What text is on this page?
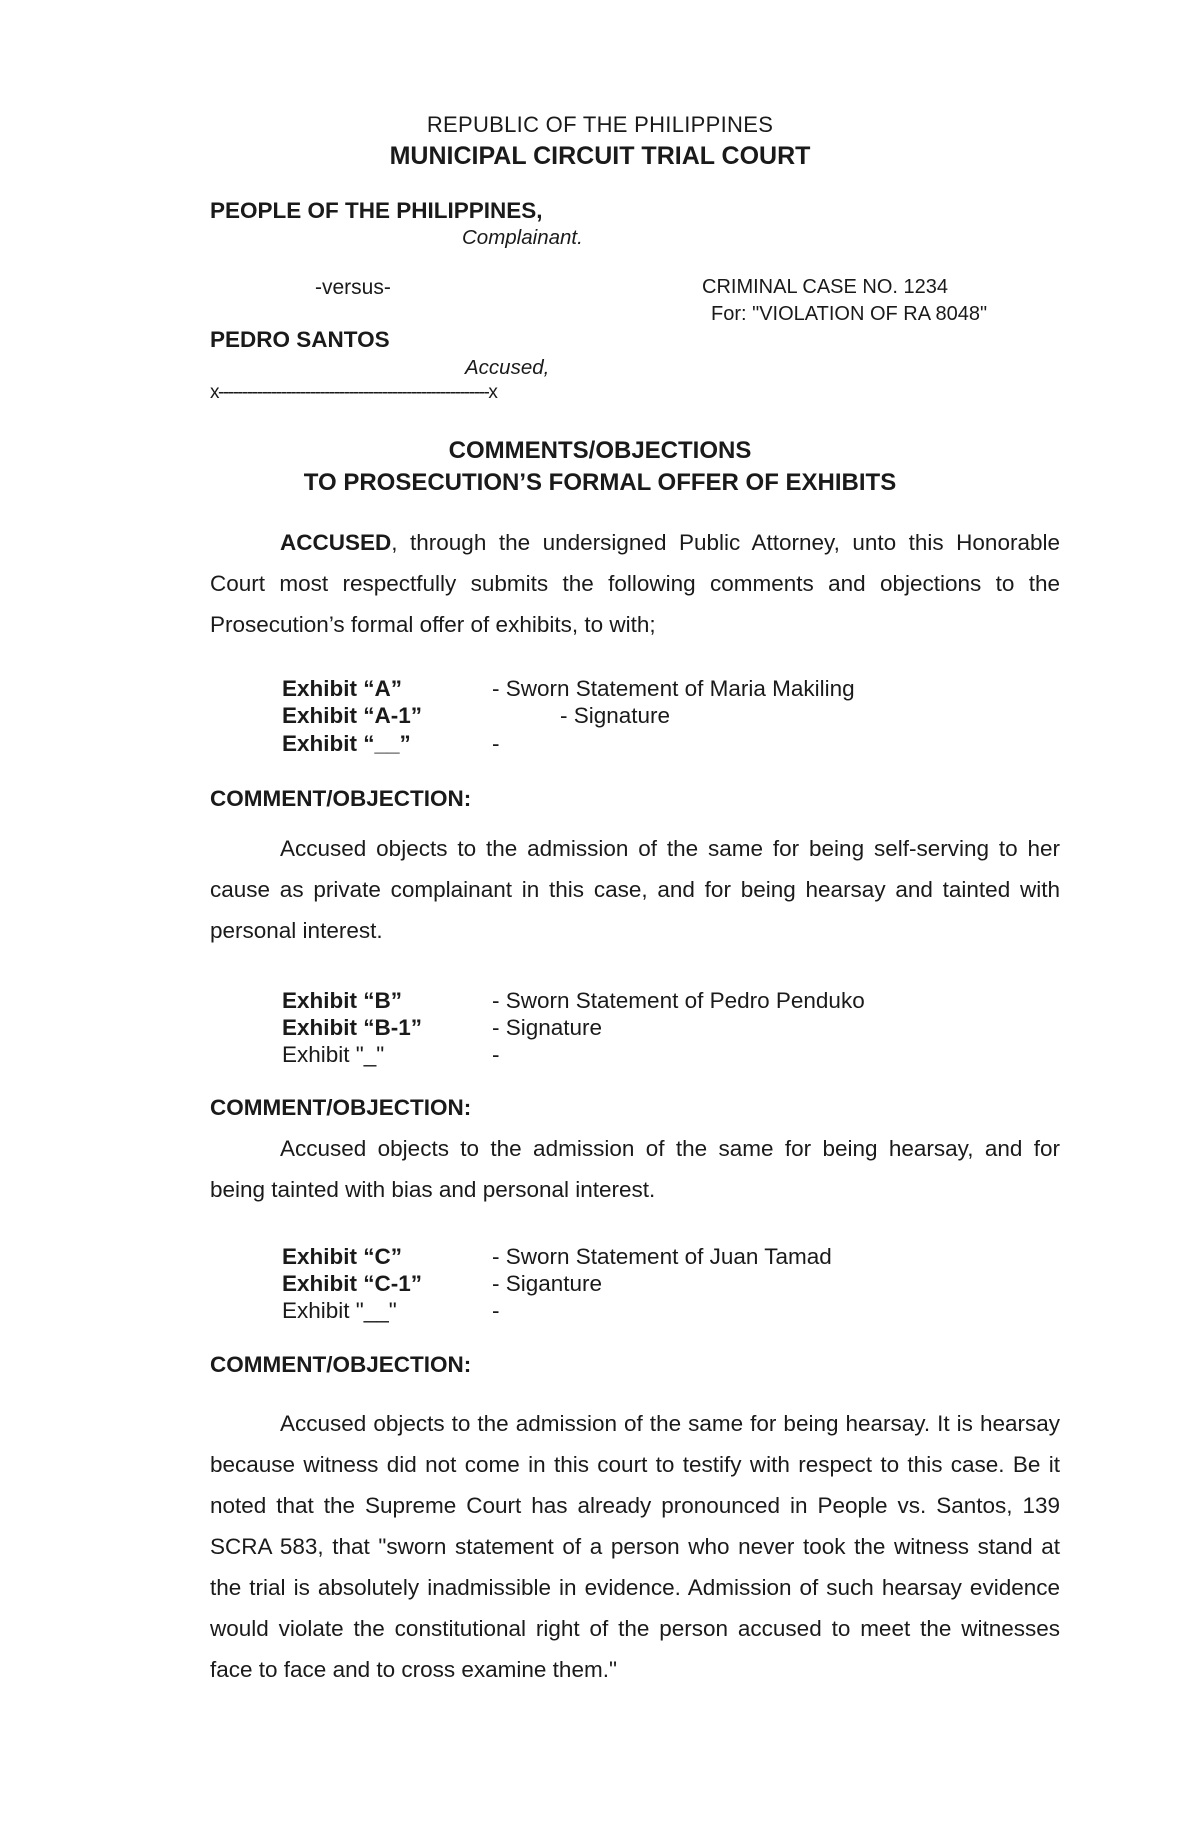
REPUBLIC OF THE PHILIPPINES
MUNICIPAL CIRCUIT TRIAL COURT
PEOPLE OF THE PHILIPPINES,
Complainant.
-versus-	CRIMINAL CASE NO. 1234
For: "VIOLATION OF RA 8048"
PEDRO SANTOS
Accused,
x--------------------------------------------------------x
COMMENTS/OBJECTIONS
TO PROSECUTION’S FORMAL OFFER OF EXHIBITS
ACCUSED, through the undersigned Public Attorney, unto this Honorable Court most respectfully submits the following comments and objections to the Prosecution’s formal offer of exhibits, to with;
Exhibit “A”	- Sworn Statement of Maria Makiling
Exhibit “A-1”	- Signature
Exhibit “__”	-
COMMENT/OBJECTION:
Accused objects to the admission of the same for being self-serving to her cause as private complainant in this case, and for being hearsay and tainted with personal interest.
Exhibit “B”	- Sworn Statement of Pedro Penduko
Exhibit “B-1”	- Signature
Exhibit "_"	-
COMMENT/OBJECTION:
Accused objects to the admission of the same for being hearsay, and for being tainted with bias and personal interest.
Exhibit “C”	- Sworn Statement of Juan Tamad
Exhibit “C-1”	- Siganture
Exhibit "__"	-
COMMENT/OBJECTION:
Accused objects to the admission of the same for being hearsay. It is hearsay because witness did not come in this court to testify with respect to this case. Be it noted that the Supreme Court has already pronounced in People vs. Santos, 139 SCRA 583, that "sworn statement of a person who never took the witness stand at the trial is absolutely inadmissible in evidence. Admission of such hearsay evidence would violate the constitutional right of the person accused to meet the witnesses face to face and to cross examine them."
